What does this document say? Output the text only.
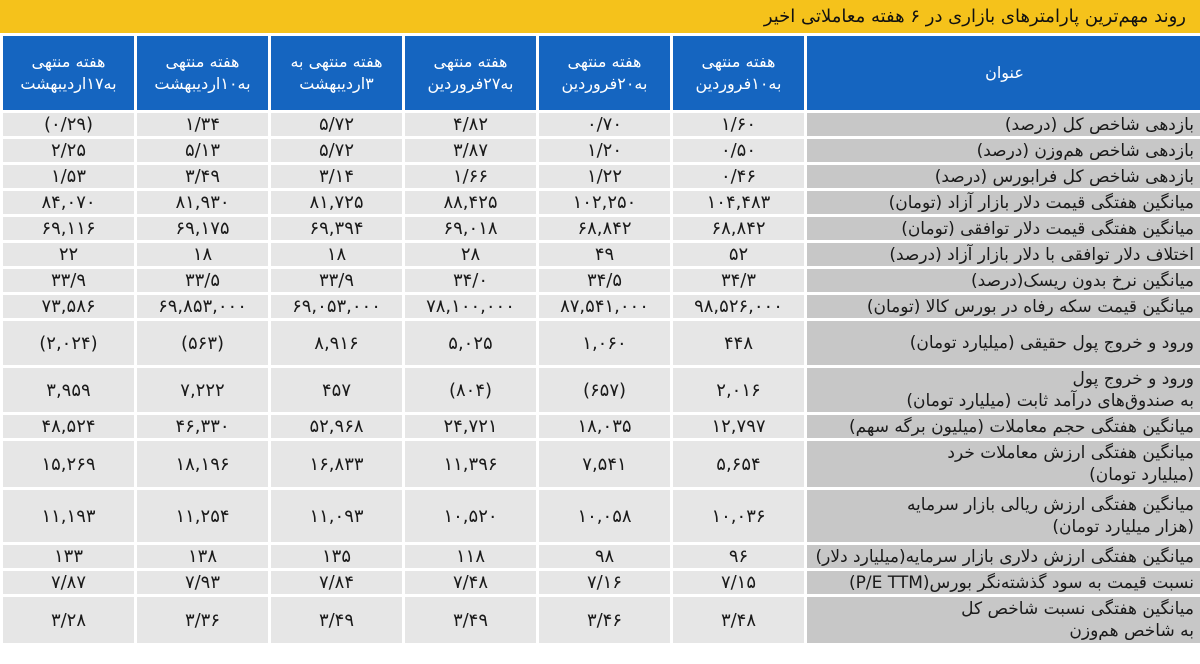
روند مهم‌ترین پارامترهای بازاری در ۶ هفته معاملاتی اخیر
عنوان	هفته منتهی به۱۰فروردین	هفته منتهی به۲۰فروردین	هفته منتهی به۲۷فروردین	هفته منتهی به ۳اردیبهشت	هفته منتهی به۱۰اردیبهشت	هفته منتهی به۱۷اردیبهشت
بازدهی شاخص کل (درصد)	۱/۶۰	۰/۷۰	۴/۸۲	۵/۷۲	۱/۳۴	(۰/۲۹)
بازدهی شاخص هم‌وزن (درصد)	۰/۵۰	۱/۲۰	۳/۸۷	۵/۷۲	۵/۱۳	۲/۲۵
بازدهی شاخص کل فرابورس (درصد)	۰/۴۶	۱/۲۲	۱/۶۶	۳/۱۴	۳/۴۹	۱/۵۳
میانگین هفتگی قیمت دلار بازار آزاد (تومان)	۱۰۴,۴۸۳	۱۰۲,۲۵۰	۸۸,۴۲۵	۸۱,۷۲۵	۸۱,۹۳۰	۸۴,۰۷۰
میانگین هفتگی قیمت دلار توافقی (تومان)	۶۸,۸۴۲	۶۸,۸۴۲	۶۹,۰۱۸	۶۹,۳۹۴	۶۹,۱۷۵	۶۹,۱۱۶
اختلاف دلار توافقی با دلار بازار آزاد (درصد)	۵۲	۴۹	۲۸	۱۸	۱۸	۲۲
میانگین نرخ بدون ریسک(درصد)	۳۴/۳	۳۴/۵	۳۴/۰	۳۳/۹	۳۳/۵	۳۳/۹
میانگین قیمت سکه رفاه در بورس کالا (تومان)	۹۸,۵۲۶,۰۰۰	۸۷,۵۴۱,۰۰۰	۷۸,۱۰۰,۰۰۰	۶۹,۰۵۳,۰۰۰	۶۹,۸۵۳,۰۰۰	۷۳,۵۸۶
ورود و خروج پول حقیقی (میلیارد تومان)	۴۴۸	۱,۰۶۰	۵,۰۲۵	۸,۹۱۶	(۵۶۳)	(۲,۰۲۴)
ورود و خروج پول
به صندوق‌های درآمد ثابت (میلیارد تومان)	۲,۰۱۶	(۶۵۷)	(۸۰۴)	۴۵۷	۷,۲۲۲	۳,۹۵۹
میانگین هفتگی حجم معاملات (میلیون برگه سهم)	۱۲,۷۹۷	۱۸,۰۳۵	۲۴,۷۲۱	۵۲,۹۶۸	۴۶,۳۳۰	۴۸,۵۲۴
میانگین هفتگی ارزش معاملات خرد
(میلیارد تومان)	۵,۶۵۴	۷,۵۴۱	۱۱,۳۹۶	۱۶,۸۳۳	۱۸,۱۹۶	۱۵,۲۶۹
میانگین هفتگی ارزش ریالی بازار سرمایه
(هزار میلیارد تومان)	۱۰,۰۳۶	۱۰,۰۵۸	۱۰,۵۲۰	۱۱,۰۹۳	۱۱,۲۵۴	۱۱,۱۹۳
میانگین هفتگی ارزش دلاری بازار سرمایه(میلیارد دلار)	۹۶	۹۸	۱۱۸	۱۳۵	۱۳۸	۱۳۳
نسبت قیمت به سود گذشته‌نگر بورس(P/E TTM)	۷/۱۵	۷/۱۶	۷/۴۸	۷/۸۴	۷/۹۳	۷/۸۷
میانگین هفتگی نسبت شاخص کل
به شاخص هم‌وزن	۳/۴۸	۳/۴۶	۳/۴۹	۳/۴۹	۳/۳۶	۳/۲۸
